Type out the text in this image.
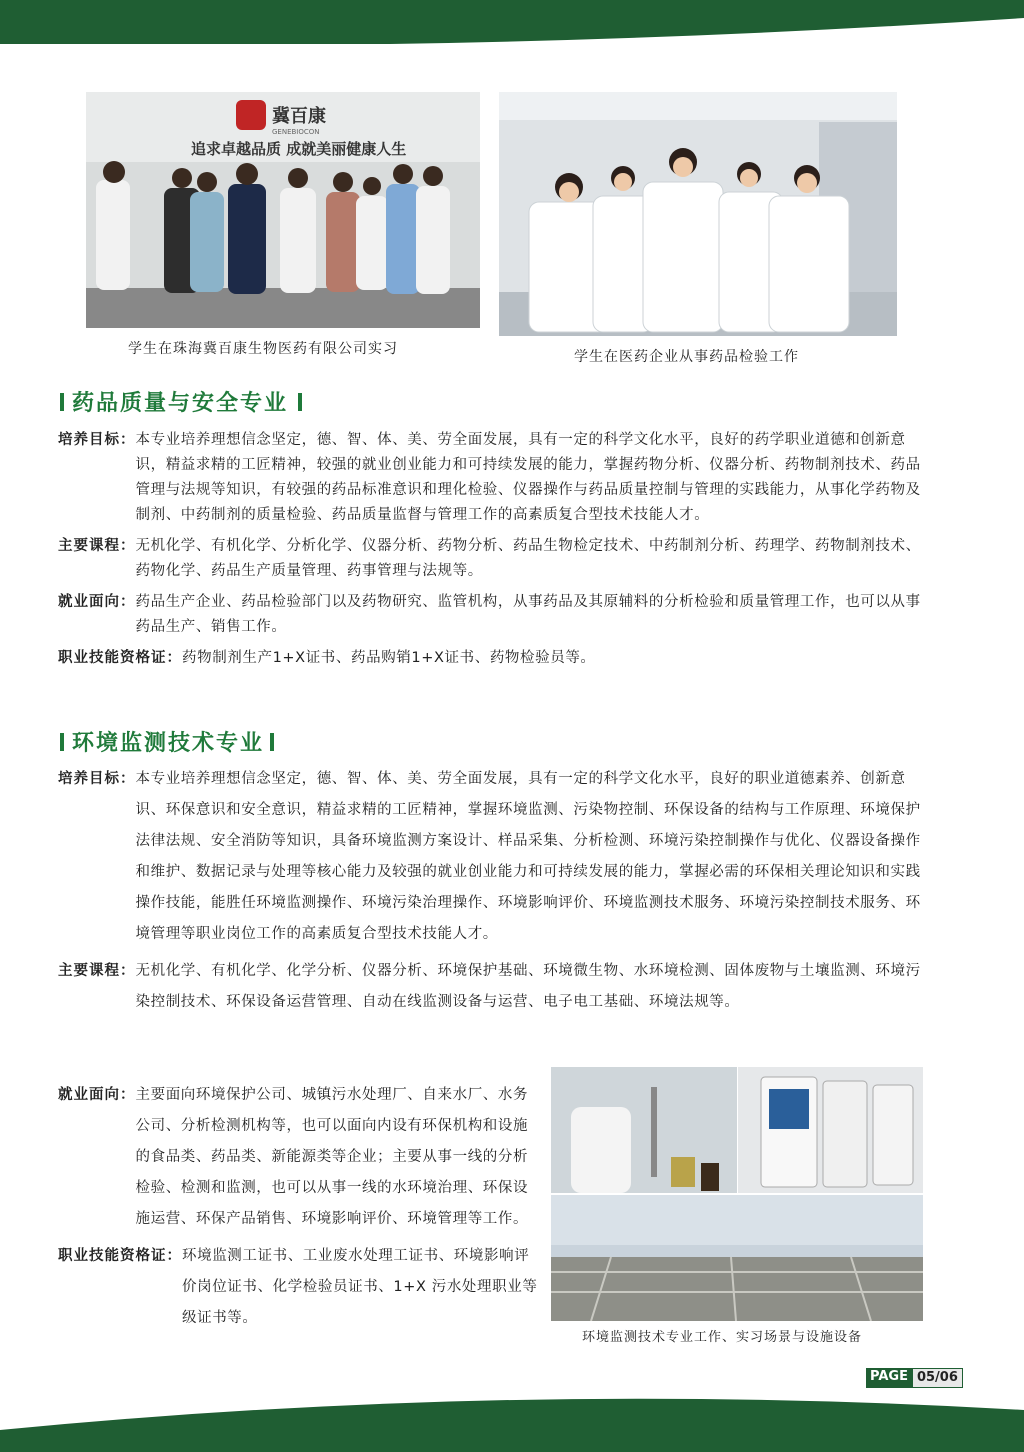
冀百康
GENEBIOCON
追求卓越品质 成就美丽健康人生
学生在珠海冀百康生物医药有限公司实习	学生在医药企业从事药品检验工作
药品质量与安全专业
培养目标： 本专业培养理想信念坚定，德、智、体、美、劳全面发展，具有一定的科学文化水平，良好的药学职业道德和创新意识，精益求精的工匠精神，较强的就业创业能力和可持续发展的能力，掌握药物分析、仪器分析、药物制剂技术、药品管理与法规等知识，有较强的药品标准意识和理化检验、仪器操作与药品质量控制与管理的实践能力，从事化学药物及制剂、中药制剂的质量检验、药品质量监督与管理工作的高素质复合型技术技能人才。
主要课程： 无机化学、有机化学、分析化学、仪器分析、药物分析、药品生物检定技术、中药制剂分析、药理学、药物制剂技术、药物化学、药品生产质量管理、药事管理与法规等。
就业面向： 药品生产企业、药品检验部门以及药物研究、监管机构，从事药品及其原辅料的分析检验和质量管理工作，也可以从事药品生产、销售工作。
职业技能资格证： 药物制剂生产1+X证书、药品购销1+X证书、药物检验员等。
环境监测技术专业
培养目标： 本专业培养理想信念坚定，德、智、体、美、劳全面发展，具有一定的科学文化水平，良好的职业道德素养、创新意识、环保意识和安全意识，精益求精的工匠精神，掌握环境监测、污染物控制、环保设备的结构与工作原理、环境保护法律法规、安全消防等知识，具备环境监测方案设计、样品采集、分析检测、环境污染控制操作与优化、仪器设备操作和维护、数据记录与处理等核心能力及较强的就业创业能力和可持续发展的能力，掌握必需的环保相关理论知识和实践操作技能，能胜任环境监测操作、环境污染治理操作、环境影响评价、环境监测技术服务、环境污染控制技术服务、环境管理等职业岗位工作的高素质复合型技术技能人才。
主要课程： 无机化学、有机化学、化学分析、仪器分析、环境保护基础、环境微生物、水环境检测、固体废物与土壤监测、环境污染控制技术、环保设备运营管理、自动在线监测设备与运营、电子电工基础、环境法规等。
就业面向： 主要面向环境保护公司、城镇污水处理厂、自来水厂、水务公司、分析检测机构等，也可以面向内设有环保机构和设施的食品类、药品类、新能源类等企业；主要从事一线的分析检验、检测和监测，也可以从事一线的水环境治理、环保设施运营、环保产品销售、环境影响评价、环境管理等工作。
职业技能资格证： 环境监测工证书、工业废水处理工证书、环境影响评价岗位证书、化学检验员证书、1+X 污水处理职业等级证书等。
环境监测技术专业工作、实习场景与设施设备
PAGE 05/06
